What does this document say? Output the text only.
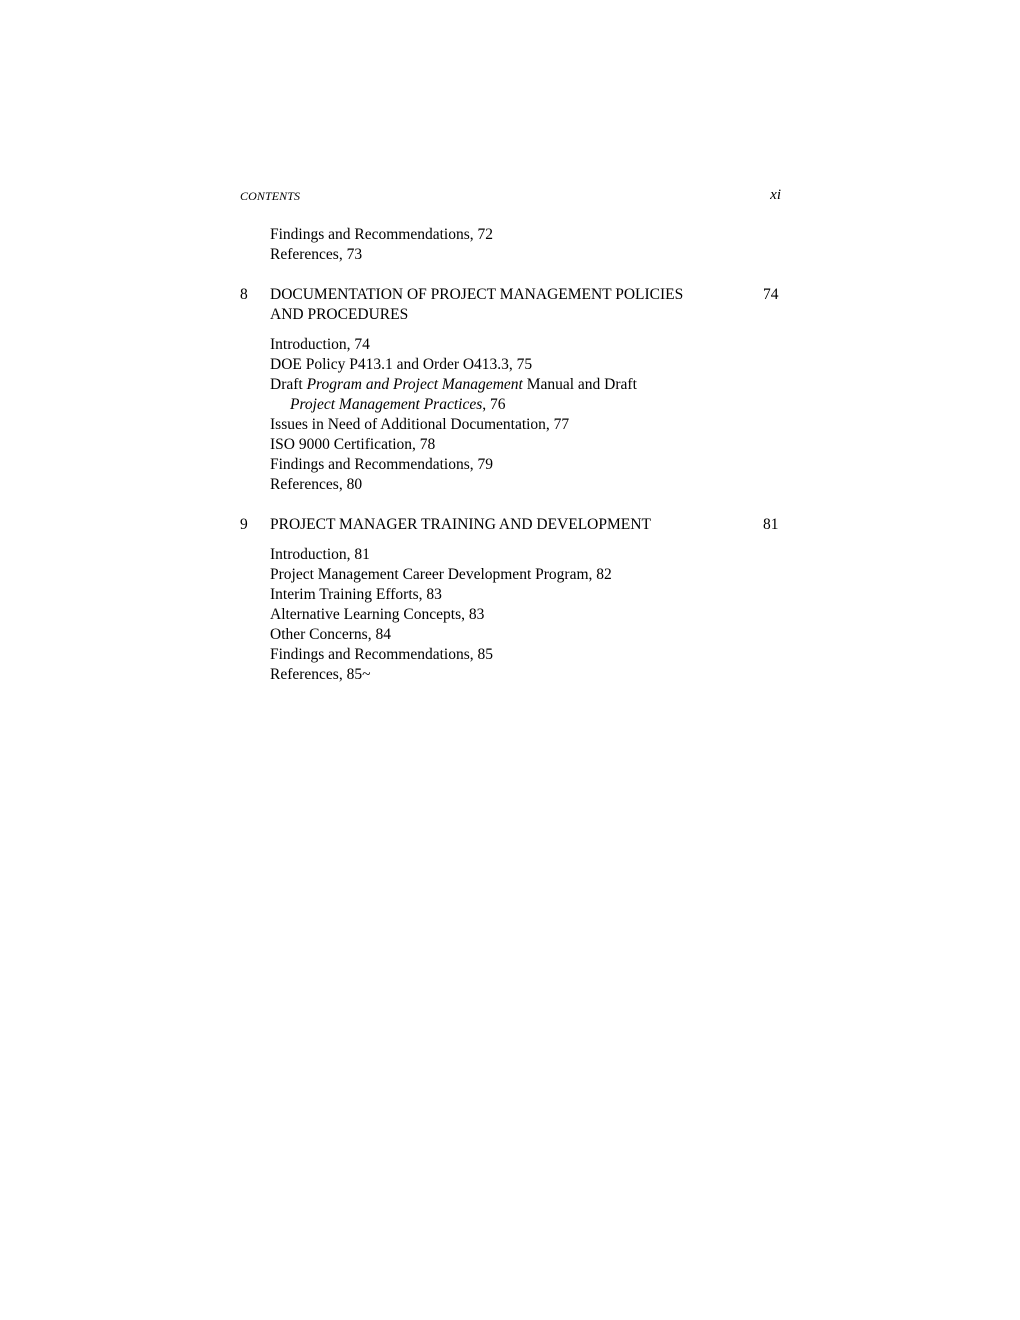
CONTENTS	xi
Findings and Recommendations, 72
References, 73
8 DOCUMENTATION OF PROJECT MANAGEMENT POLICIES
AND PROCEDURES
74
Introduction, 74
DOE Policy P413.1 and Order O413.3, 75
Draft Program and Project Management Manual and Draft
Project Management Practices, 76
Issues in Need of Additional Documentation, 77
ISO 9000 Certification, 78
Findings and Recommendations, 79
References, 80
9 PROJECT MANAGER TRAINING AND DEVELOPMENT	81
Introduction, 81
Project Management Career Development Program, 82
Interim Training Efforts, 83
Alternative Learning Concepts, 83
Other Concerns, 84
Findings and Recommendations, 85
References, 85~
